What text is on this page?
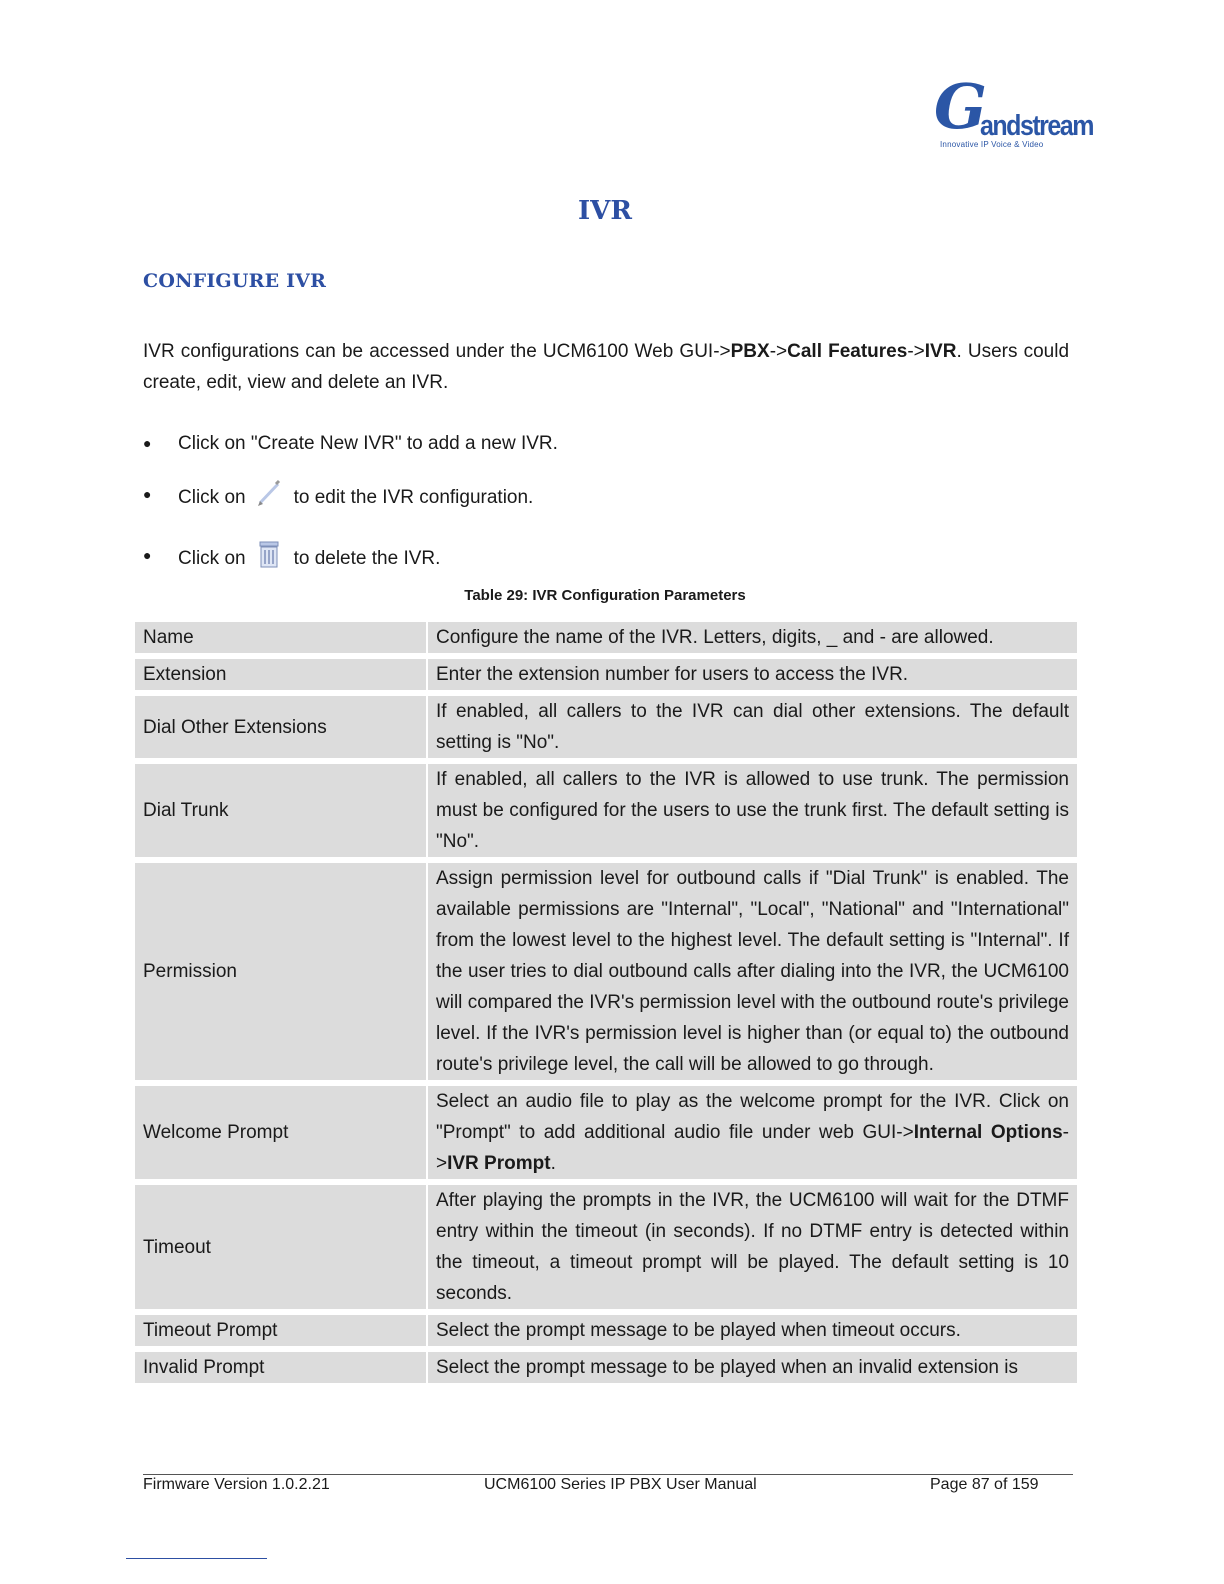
G
andstream
Innovative IP Voice & Video
IVR
CONFIGURE IVR

IVR configurations can be accessed under the UCM6100 Web GUI->PBX->Call Features->IVR. Users could create, edit, view and delete an IVR.

● Click on "Create New IVR" to add a new IVR.
● Click on	to edit the IVR configuration.
● Click on	to delete the IVR.
Table 29: IVR Configuration Parameters
Name	Configure the name of the IVR. Letters, digits, _ and - are allowed.
Extension	Enter the extension number for users to access the IVR.
Dial Other Extensions	If enabled, all callers to the IVR can dial other extensions. The default setting is "No".
Dial Trunk	If enabled, all callers to the IVR is allowed to use trunk. The permission must be configured for the users to use the trunk first. The default setting is "No".
Permission	Assign permission level for outbound calls if "Dial Trunk" is enabled. The available permissions are "Internal", "Local", "National" and "International" from the lowest level to the highest level. The default setting is "Internal". If the user tries to dial outbound calls after dialing into the IVR, the UCM6100 will compared the IVR's permission level with the outbound route's privilege level. If the IVR's permission level is higher than (or equal to) the outbound route's privilege level, the call will be allowed to go through.
Welcome Prompt	Select an audio file to play as the welcome prompt for the IVR. Click on "Prompt" to add additional audio file under web GUI->Internal Options->IVR Prompt.
Timeout	After playing the prompts in the IVR, the UCM6100 will wait for the DTMF entry within the timeout (in seconds). If no DTMF entry is detected within the timeout, a timeout prompt will be played. The default setting is 10 seconds.
Timeout Prompt	Select the prompt message to be played when timeout occurs.
Invalid Prompt	Select the prompt message to be played when an invalid extension is
Firmware Version 1.0.2.21	UCM6100 Series IP PBX User Manual	Page 87 of 159
